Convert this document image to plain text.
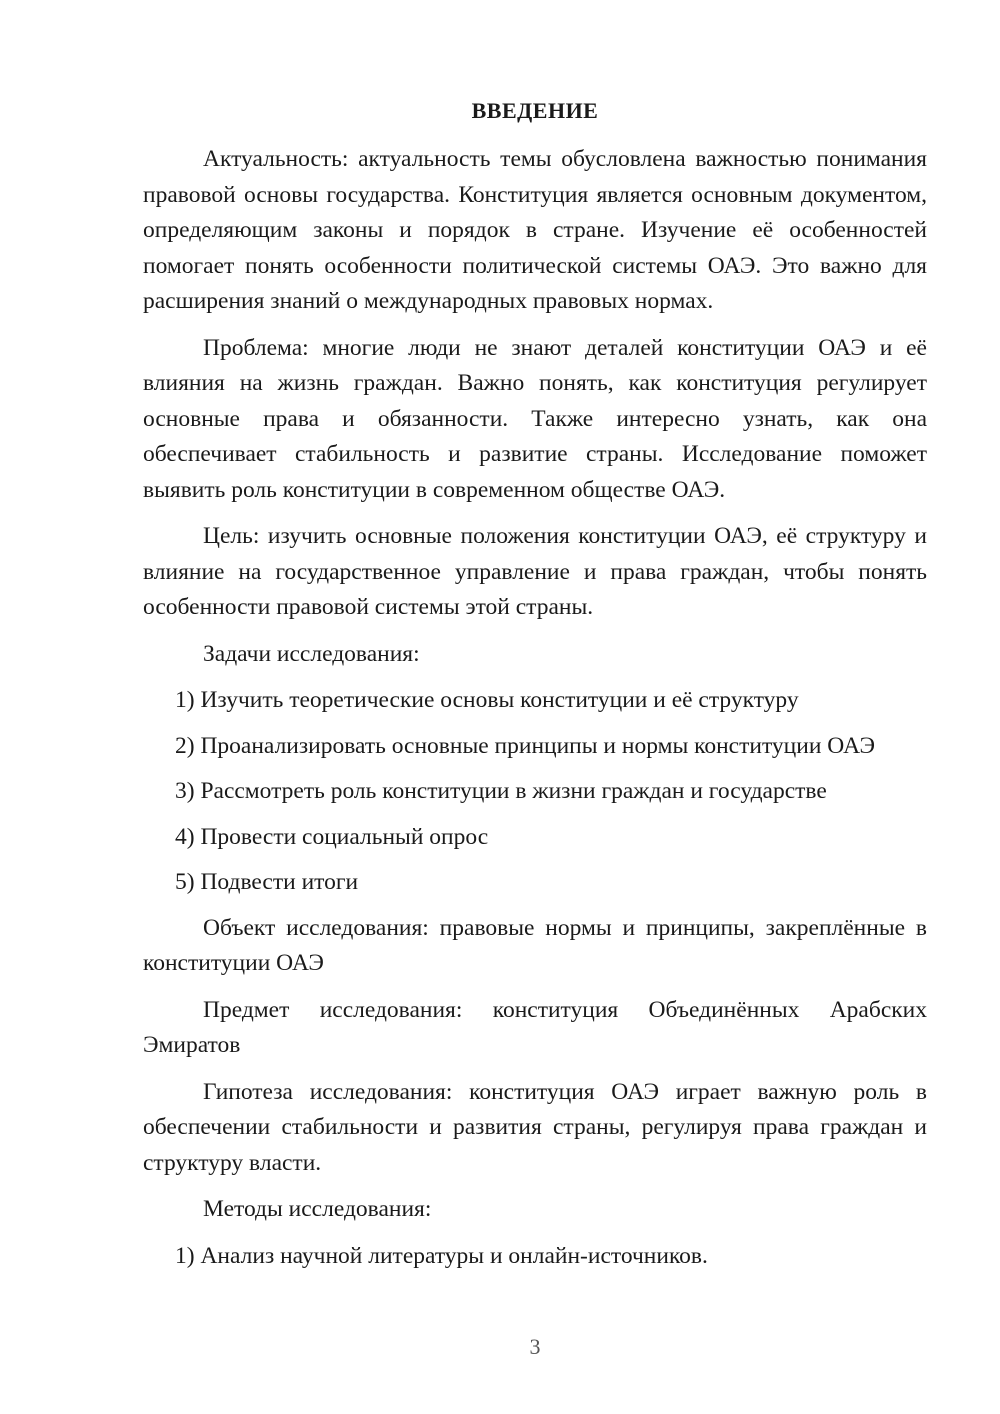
ВВЕДЕНИЕ

Актуальность: актуальность темы обусловлена важностью понимания правовой основы государства. Конституция является основным документом, определяющим законы и порядок в стране. Изучение её особенностей помогает понять особенности политической системы ОАЭ. Это важно для расширения знаний о международных правовых нормах.

Проблема: многие люди не знают деталей конституции ОАЭ и её влияния на жизнь граждан. Важно понять, как конституция регулирует основные права и обязанности. Также интересно узнать, как она обеспечивает стабильность и развитие страны. Исследование поможет выявить роль конституции в современном обществе ОАЭ.

Цель: изучить основные положения конституции ОАЭ, её структуру и влияние на государственное управление и права граждан, чтобы понять особенности правовой системы этой страны.

Задачи исследования:

1) Изучить теоретические основы конституции и её структуру
2) Проанализировать основные принципы и нормы конституции ОАЭ
3) Рассмотреть роль конституции в жизни граждан и государстве
4) Провести социальный опрос
5) Подвести итоги

Объект исследования: правовые нормы и принципы, закреплённые в конституции ОАЭ

Предмет исследования: конституция Объединённых Арабских Эмиратов

Гипотеза исследования: конституция ОАЭ играет важную роль в обеспечении стабильности и развития страны, регулируя права граждан и структуру власти.

Методы исследования:

1) Анализ научной литературы и онлайн-источников.
3
